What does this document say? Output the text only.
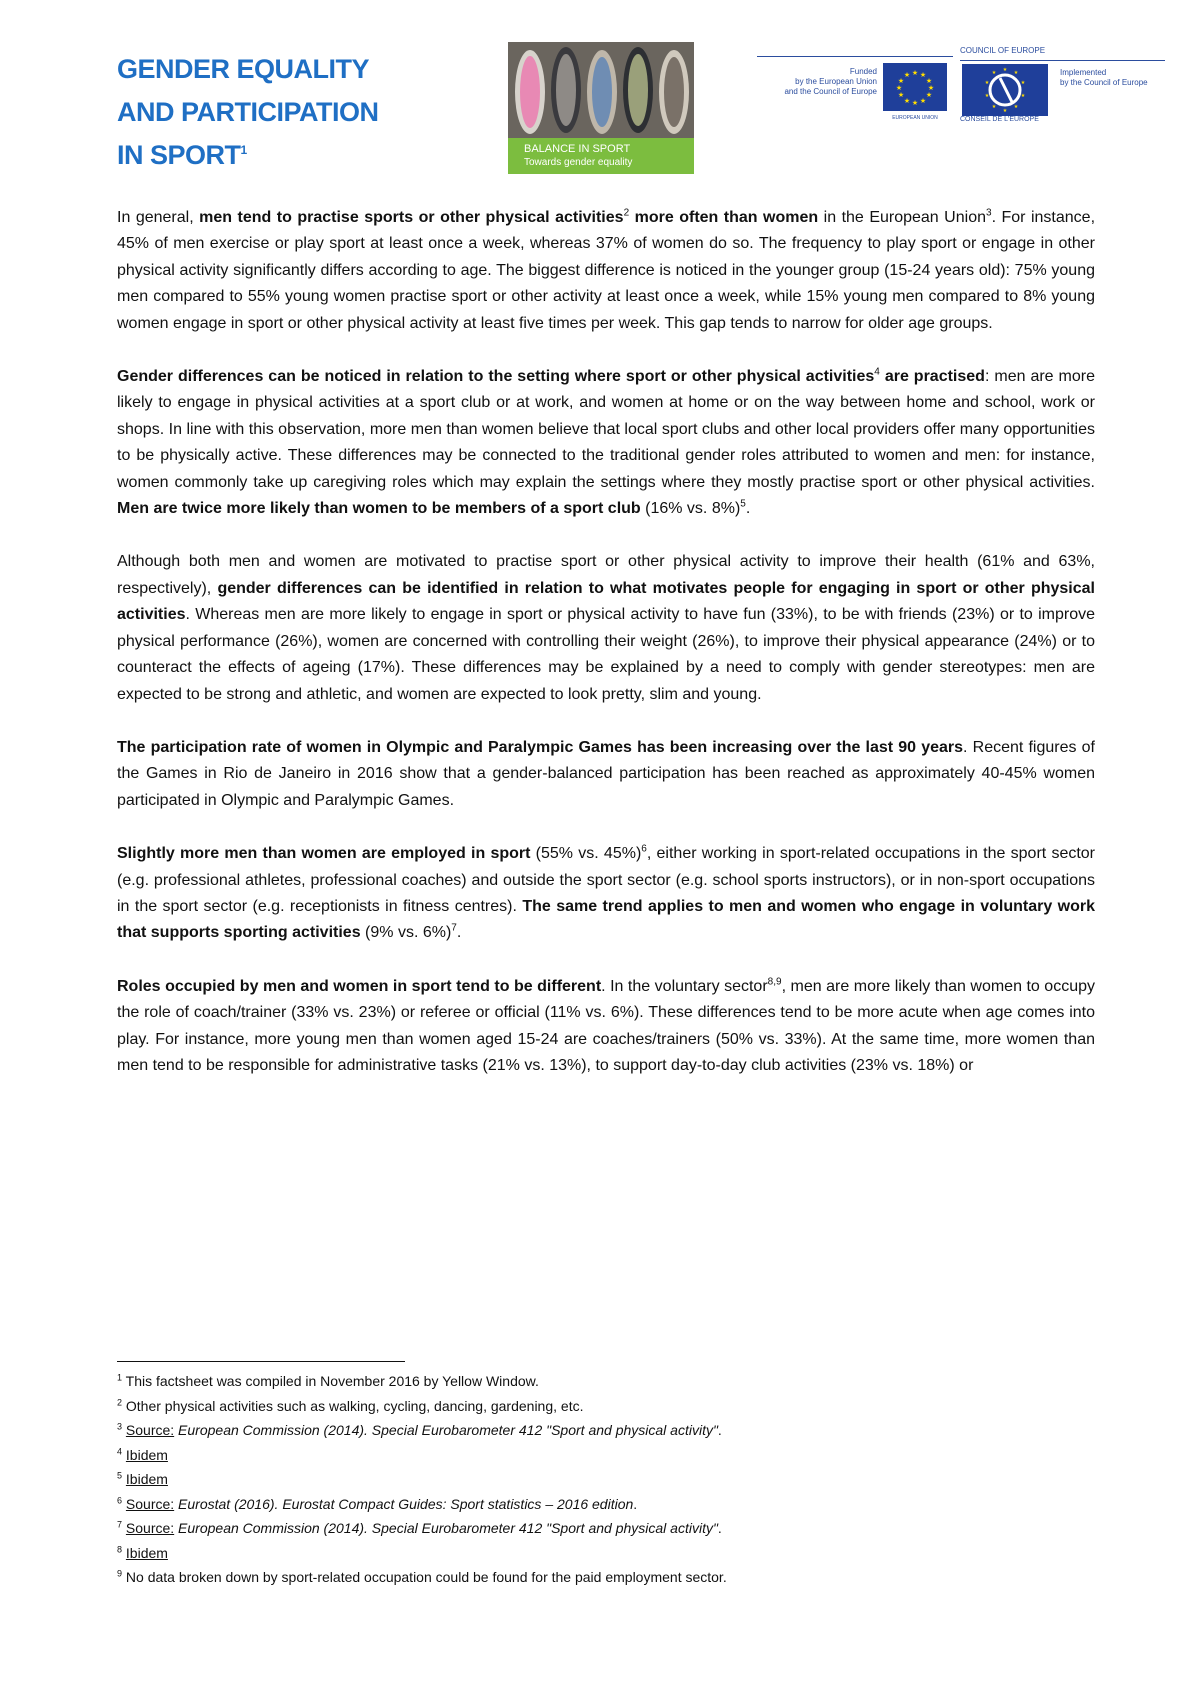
GENDER EQUALITY
AND PARTICIPATION
IN SPORT$^1$	BALANCE IN SPORT
Towards gender equality
Funded
by the European Union
and the Council of Europe
★ ★
★
★
★
★
★
★
★
★
★
★
EUROPEAN UNION
COUNCIL OF EUROPE
★ ★
★
★
★
★
★
★
★
★	Implemented
by the Council of Europe
CONSEIL DE L'EUROPE

In general, men tend to practise sports or other physical activities$^2$ more often than women in the European Union$^3$. For instance, 45% of men exercise or play sport at least once a week, whereas 37% of women do so. The frequency to play sport or engage in other physical activity significantly differs according to age. The biggest difference is noticed in the younger group (15-24 years old): 75% young men compared to 55% young women practise sport or other activity at least once a week, while 15% young men compared to 8% young women engage in sport or other physical activity at least five times per week. This gap tends to narrow for older age groups.

Gender differences can be noticed in relation to the setting where sport or other physical activities$^4$ are practised: men are more likely to engage in physical activities at a sport club or at work, and women at home or on the way between home and school, work or shops. In line with this observation, more men than women believe that local sport clubs and other local providers offer many opportunities to be physically active. These differences may be connected to the traditional gender roles attributed to women and men: for instance, women commonly take up caregiving roles which may explain the settings where they mostly practise sport or other physical activities. Men are twice more likely than women to be members of a sport club (16% vs. 8%)$^5$.

Although both men and women are motivated to practise sport or other physical activity to improve their health (61% and 63%, respectively), gender differences can be identified in relation to what motivates people for engaging in sport or other physical activities. Whereas men are more likely to engage in sport or physical activity to have fun (33%), to be with friends (23%) or to improve physical performance (26%), women are concerned with controlling their weight (26%), to improve their physical appearance (24%) or to counteract the effects of ageing (17%). These differences may be explained by a need to comply with gender stereotypes: men are expected to be strong and athletic, and women are expected to look pretty, slim and young.

The participation rate of women in Olympic and Paralympic Games has been increasing over the last 90 years. Recent figures of the Games in Rio de Janeiro in 2016 show that a gender-balanced participation has been reached as approximately 40-45% women participated in Olympic and Paralympic Games.

Slightly more men than women are employed in sport (55% vs. 45%)$^6$, either working in sport-related occupations in the sport sector (e.g. professional athletes, professional coaches) and outside the sport sector (e.g. school sports instructors), or in non-sport occupations in the sport sector (e.g. receptionists in fitness centres). The same trend applies to men and women who engage in voluntary work that supports sporting activities (9% vs. 6%)$^7$.

Roles occupied by men and women in sport tend to be different. In the voluntary sector$^{8,9}$, men are more likely than women to occupy the role of coach/trainer (33% vs. 23%) or referee or official (11% vs. 6%). These differences tend to be more acute when age comes into play. For instance, more young men than women aged 15-24 are coaches/trainers (50% vs. 33%). At the same time, more women than men tend to be responsible for administrative tasks (21% vs. 13%), to support day-to-day club activities (23% vs. 18%) or

$^1$ This factsheet was compiled in November 2016 by Yellow Window.
$^2$ Other physical activities such as walking, cycling, dancing, gardening, etc.
$^3$ Source: European Commission (2014). Special Eurobarometer 412 "Sport and physical activity".
$^4$ Ibidem
$^5$ Ibidem
$^6$ Source: Eurostat (2016). Eurostat Compact Guides: Sport statistics – 2016 edition.
$^7$ Source: European Commission (2014). Special Eurobarometer 412 "Sport and physical activity".
$^8$ Ibidem
$^9$ No data broken down by sport-related occupation could be found for the paid employment sector.
